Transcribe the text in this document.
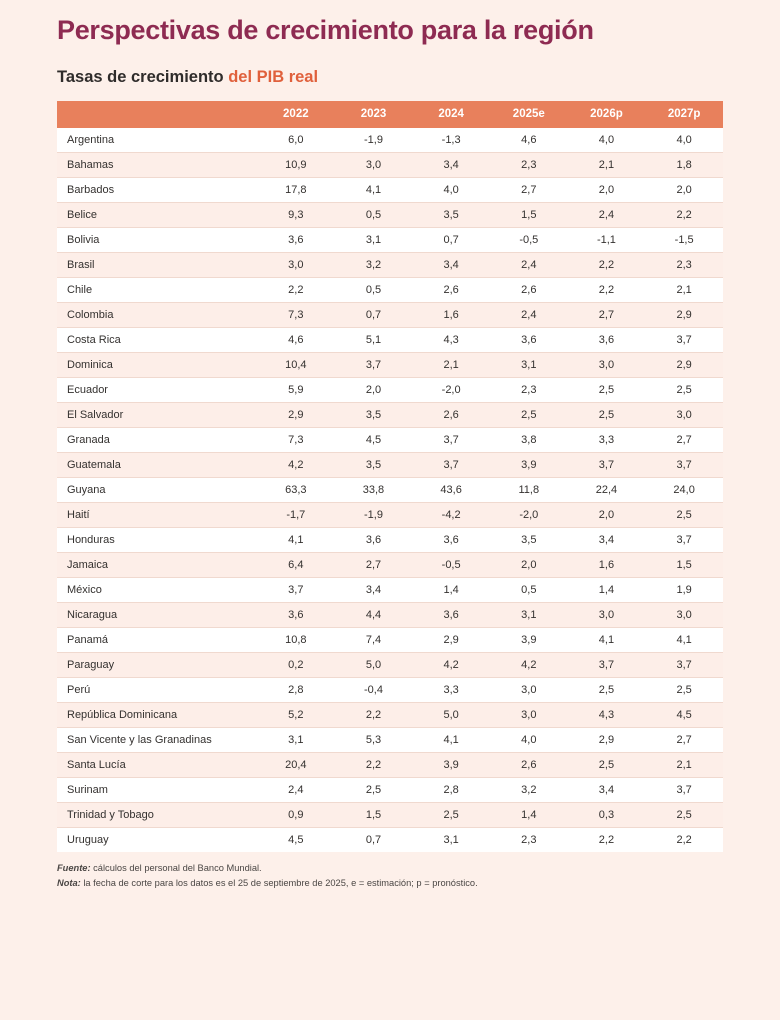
Perspectivas de crecimiento para la región
Tasas de crecimiento del PIB real
	2022	2023	2024	2025e	2026p	2027p
Argentina	6,0	-1,9	-1,3	4,6	4,0	4,0
Bahamas	10,9	3,0	3,4	2,3	2,1	1,8
Barbados	17,8	4,1	4,0	2,7	2,0	2,0
Belice	9,3	0,5	3,5	1,5	2,4	2,2
Bolivia	3,6	3,1	0,7	-0,5	-1,1	-1,5
Brasil	3,0	3,2	3,4	2,4	2,2	2,3
Chile	2,2	0,5	2,6	2,6	2,2	2,1
Colombia	7,3	0,7	1,6	2,4	2,7	2,9
Costa Rica	4,6	5,1	4,3	3,6	3,6	3,7
Dominica	10,4	3,7	2,1	3,1	3,0	2,9
Ecuador	5,9	2,0	-2,0	2,3	2,5	2,5
El Salvador	2,9	3,5	2,6	2,5	2,5	3,0
Granada	7,3	4,5	3,7	3,8	3,3	2,7
Guatemala	4,2	3,5	3,7	3,9	3,7	3,7
Guyana	63,3	33,8	43,6	11,8	22,4	24,0
Haití	-1,7	-1,9	-4,2	-2,0	2,0	2,5
Honduras	4,1	3,6	3,6	3,5	3,4	3,7
Jamaica	6,4	2,7	-0,5	2,0	1,6	1,5
México	3,7	3,4	1,4	0,5	1,4	1,9
Nicaragua	3,6	4,4	3,6	3,1	3,0	3,0
Panamá	10,8	7,4	2,9	3,9	4,1	4,1
Paraguay	0,2	5,0	4,2	4,2	3,7	3,7
Perú	2,8	-0,4	3,3	3,0	2,5	2,5
República Dominicana	5,2	2,2	5,0	3,0	4,3	4,5
San Vicente y las Granadinas	3,1	5,3	4,1	4,0	2,9	2,7
Santa Lucía	20,4	2,2	3,9	2,6	2,5	2,1
Surinam	2,4	2,5	2,8	3,2	3,4	3,7
Trinidad y Tobago	0,9	1,5	2,5	1,4	0,3	2,5
Uruguay	4,5	0,7	3,1	2,3	2,2	2,2
Fuente: cálculos del personal del Banco Mundial.
Nota: la fecha de corte para los datos es el 25 de septiembre de 2025, e = estimación; p = pronóstico.
